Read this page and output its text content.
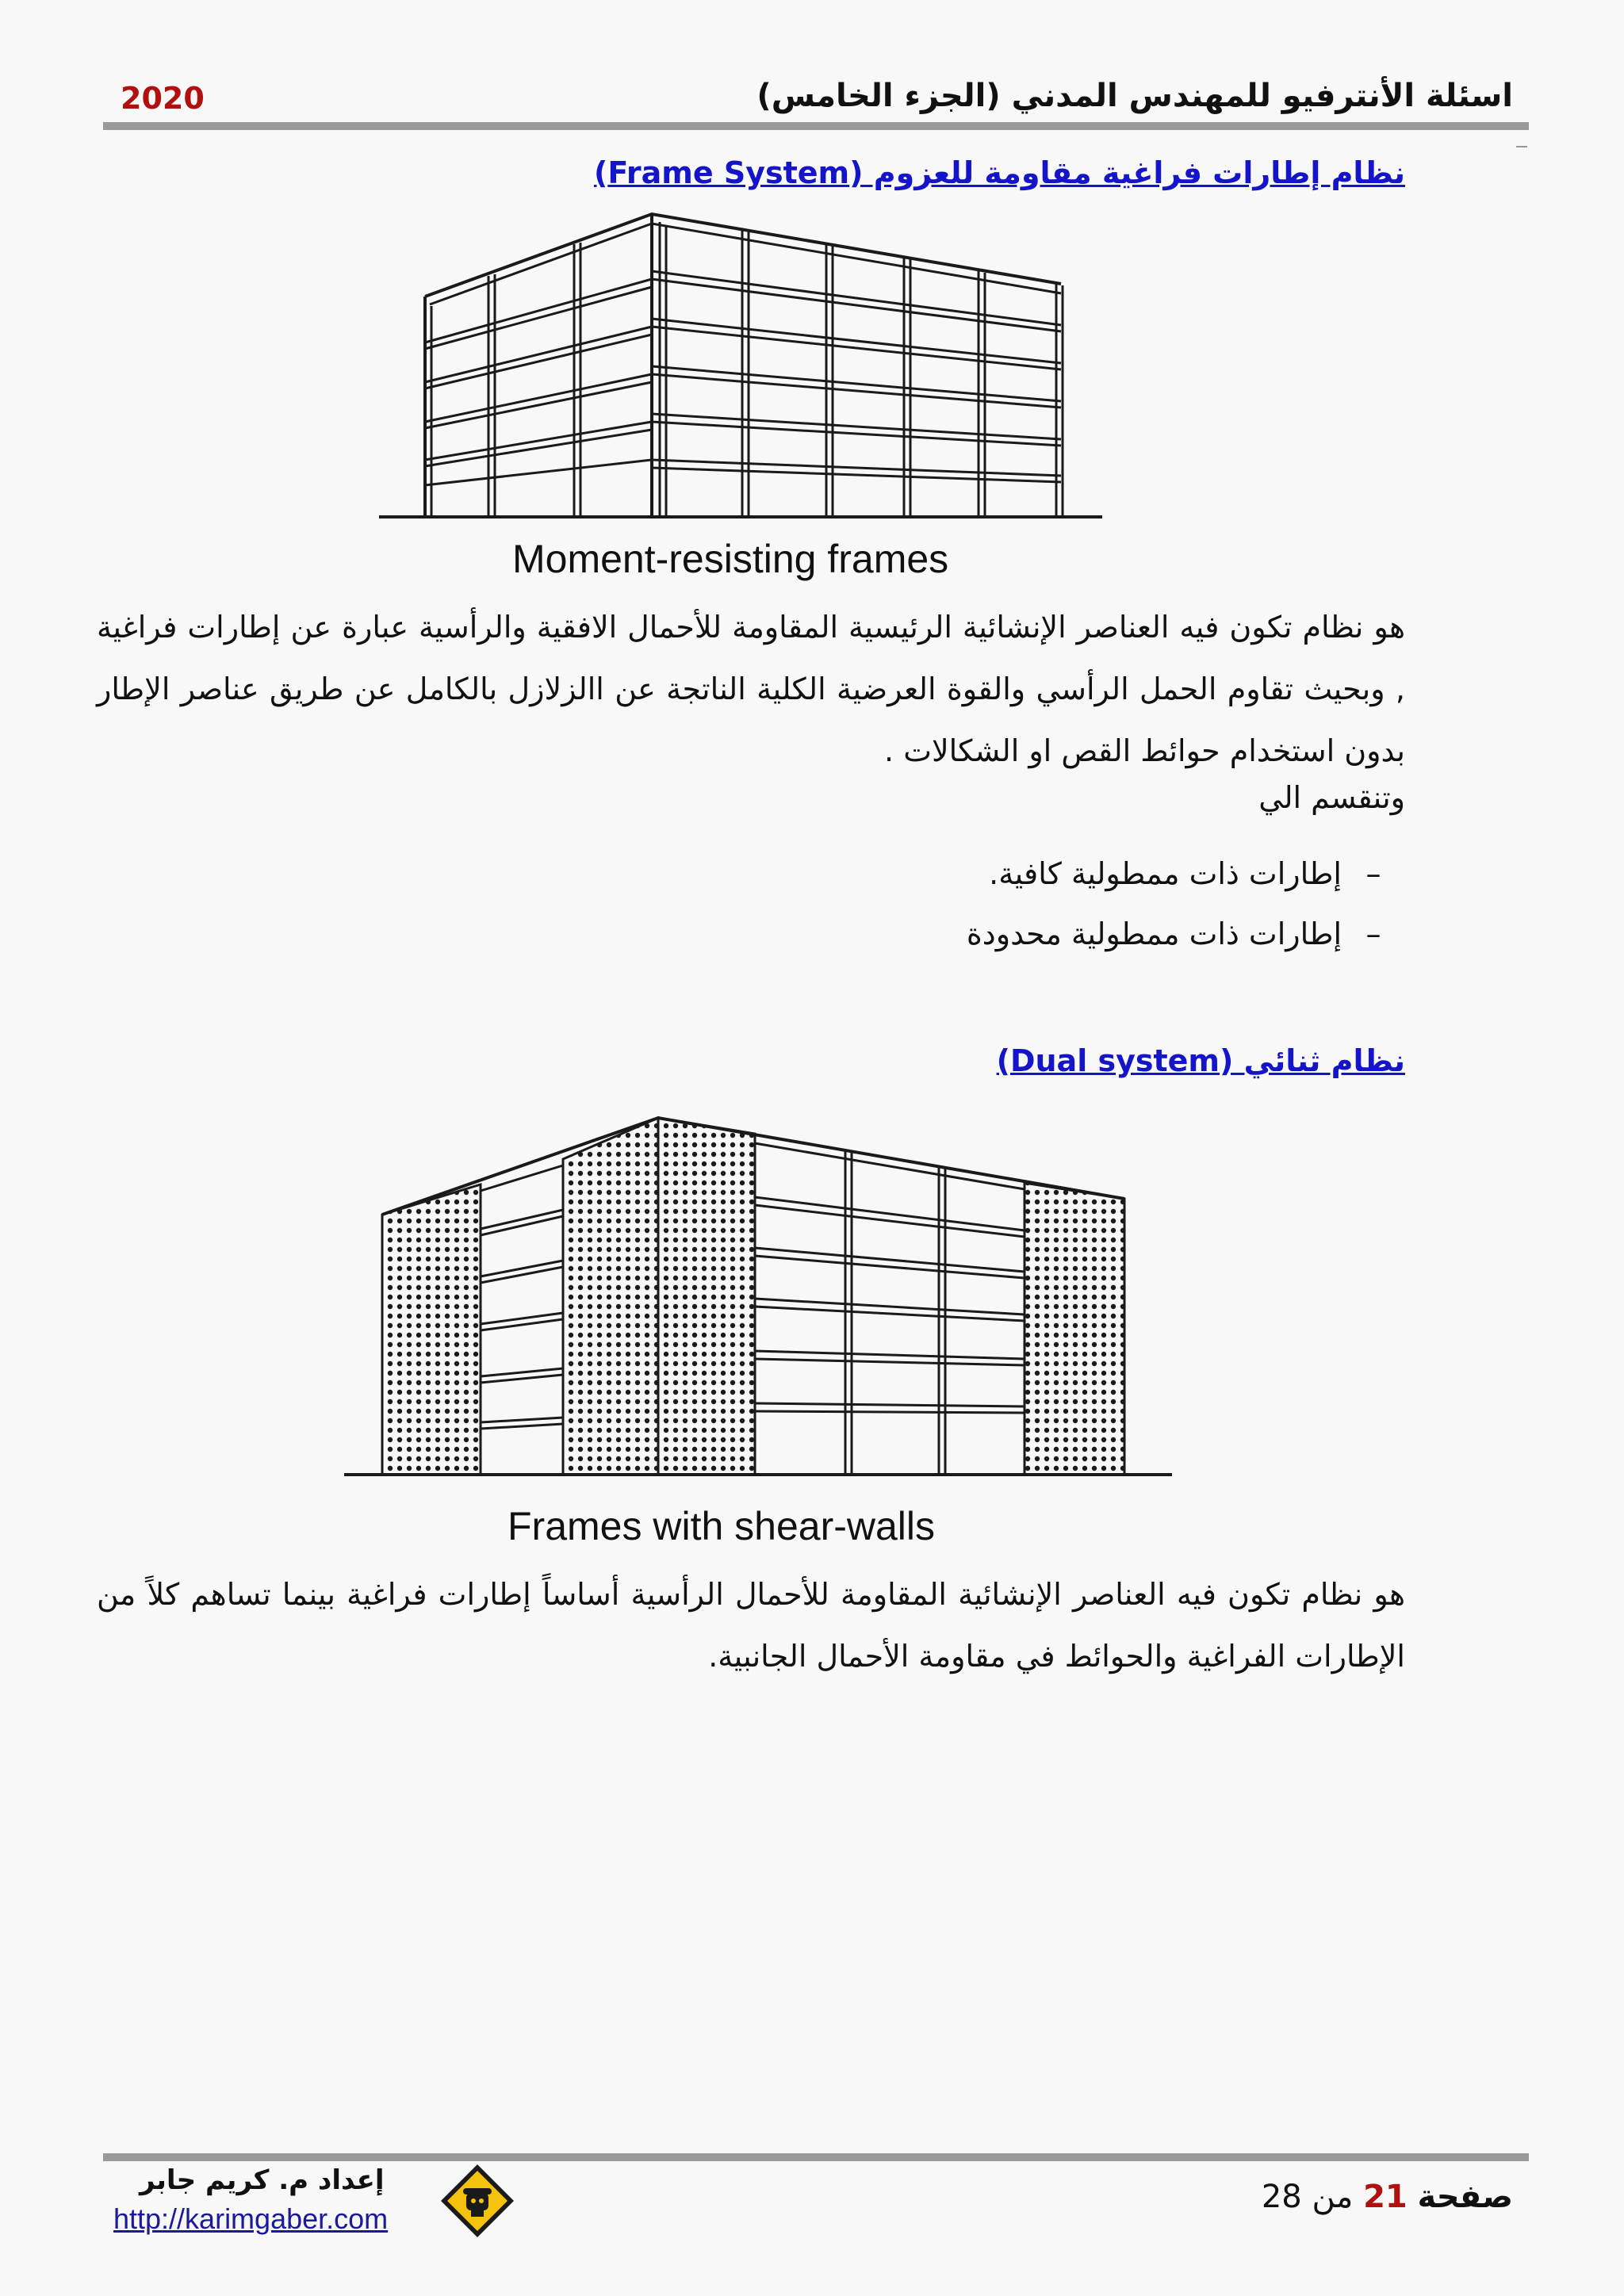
اسئلة الأنترفيو للمهندس المدني (الجزء الخامس)
2020
نظام إطارات فراغية مقاومة للعزوم (Frame System)
Moment-resisting frames
هو نظام تكون فيه العناصر الإنشائية الرئيسية المقاومة للأحمال الافقية والرأسية عبارة عن إطارات فراغية , وبحيث تقاوم الحمل الرأسي والقوة العرضية الكلية الناتجة عن االزلازل بالكامل عن طريق عناصر الإطار بدون استخدام حوائط القص او الشكالات .
وتنقسم الي
–إطارات ذات ممطولية كافية.
–إطارات ذات ممطولية محدودة
نظام ثنائي (Dual system)
Frames with shear-walls
هو نظام تكون فيه العناصر الإنشائية المقاومة للأحمال الرأسية أساساً إطارات فراغية بينما تساهم كلاً من الإطارات الفراغية والحوائط في مقاومة الأحمال الجانبية.
إعداد م. كريم جابر
http://karimgaber.com
صفحة 21 من 28
